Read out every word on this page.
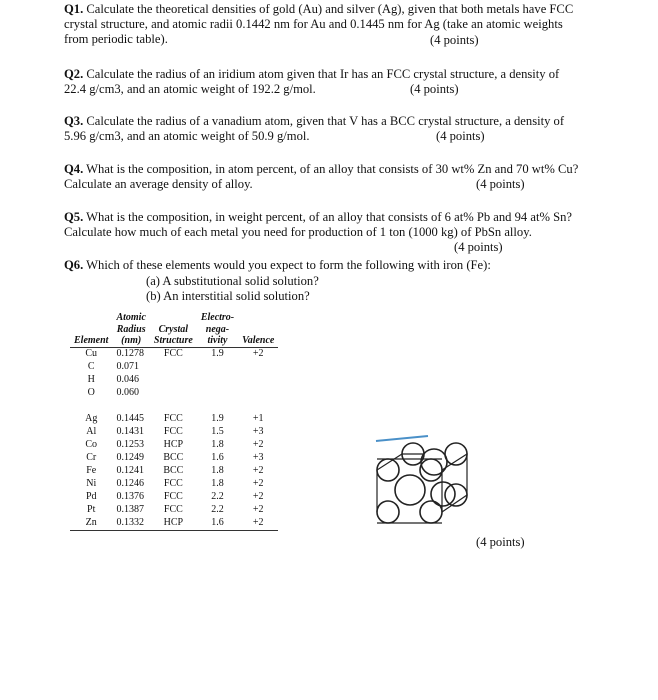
Q1. Calculate the theoretical densities of gold (Au) and silver (Ag), given that both metals have FCC crystal structure, and atomic radii 0.1442 nm for Au and 0.1445 nm for Ag (take an atomic weights from periodic table).	(4 points)
Q2. Calculate the radius of an iridium atom given that Ir has an FCC crystal structure, a density of 22.4 g/cm3, and an atomic weight of 192.2 g/mol.	(4 points)
Q3. Calculate the radius of a vanadium atom, given that V has a BCC crystal structure, a density of 5.96 g/cm3, and an atomic weight of 50.9 g/mol.	(4 points)
Q4. What is the composition, in atom percent, of an alloy that consists of 30 wt% Zn and 70 wt% Cu? Calculate an average density of alloy.	(4 points)
Q5. What is the composition, in weight percent, of an alloy that consists of 6 at% Pb and 94 at% Sn? Calculate how much of each metal you need for production of 1 ton (1000 kg) of PbSn alloy.
(4 points)
Q6. Which of these elements would you expect to form the following with iron (Fe):
(a) A substitutional solid solution?
(b) An interstitial solid solution?
	Atomic		Electro-	
	Radius	Crystal	nega-	
Element	(nm)	Structure	tivity	Valence
Cu	0.1278	FCC	1.9	+2
C	0.071			
H	0.046			
O	0.060			

Ag	0.1445	FCC	1.9	+1
Al	0.1431	FCC	1.5	+3
Co	0.1253	HCP	1.8	+2
Cr	0.1249	BCC	1.6	+3
Fe	0.1241	BCC	1.8	+2
Ni	0.1246	FCC	1.8	+2
Pd	0.1376	FCC	2.2	+2
Pt	0.1387	FCC	2.2	+2
Zn	0.1332	HCP	1.6	+2
(4 points)
